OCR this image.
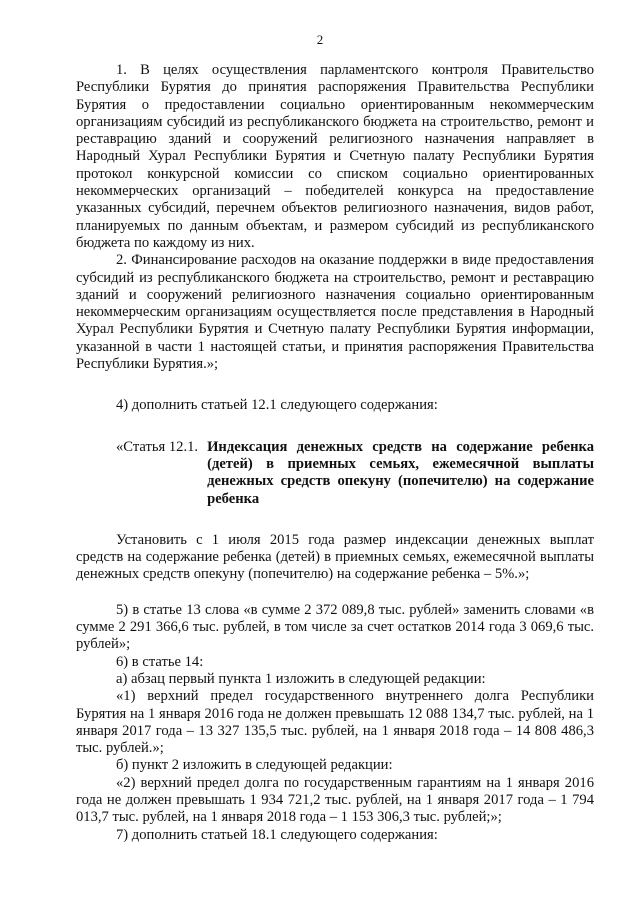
2

1. В целях осуществления парламентского контроля Правительство Республики Бурятия до принятия распоряжения Правительства Республики Бурятия о предоставлении социально ориентированным некоммерческим организациям субсидий из республиканского бюджета на строительство, ремонт и реставрацию зданий и сооружений религиозного назначения направляет в Народный Хурал Республики Бурятия и Счетную палату Республики Бурятия протокол конкурсной комиссии со списком социально ориентированных некоммерческих организаций – победителей конкурса на предоставление указанных субсидий, перечнем объектов религиозного назначения, видов работ, планируемых по данным объектам, и размером субсидий из республиканского бюджета по каждому из них.

2. Финансирование расходов на оказание поддержки в виде предоставления субсидий из республиканского бюджета на строительство, ремонт и реставрацию зданий и сооружений религиозного назначения социально ориентированным некоммерческим организациям осуществляется после представления в Народный Хурал Республики Бурятия и Счетную палату Республики Бурятия информации, указанной в части 1 настоящей статьи, и принятия распоряжения Правительства Республики Бурятия.»;

4) дополнить статьей 12.1 следующего содержания:

«Статья 12.1. Индексация денежных средств на содержание ребенка (детей) в приемных семьях, ежемесячной выплаты денежных средств опекуну (попечителю) на содержание ребенка

Установить с 1 июля 2015 года размер индексации денежных выплат средств на содержание ребенка (детей) в приемных семьях, ежемесячной выплаты денежных средств опекуну (попечителю) на содержание ребенка – 5%.»;

5) в статье 13 слова «в сумме 2 372 089,8 тыс. рублей» заменить словами «в сумме 2 291 366,6 тыс. рублей, в том числе за счет остатков 2014 года 3 069,6 тыс. рублей»;

6) в статье 14:

а) абзац первый пункта 1 изложить в следующей редакции:

«1) верхний предел государственного внутреннего долга Республики Бурятия на 1 января 2016 года не должен превышать 12 088 134,7 тыс. рублей, на 1 января 2017 года – 13 327 135,5 тыс. рублей, на 1 января 2018 года – 14 808 486,3 тыс. рублей.»;

б) пункт 2 изложить в следующей редакции:

«2) верхний предел долга по государственным гарантиям на 1 января 2016 года не должен превышать 1 934 721,2 тыс. рублей, на 1 января 2017 года – 1 794 013,7 тыс. рублей, на 1 января 2018 года – 1 153 306,3 тыс. рублей;»;

7) дополнить статьей 18.1 следующего содержания:
